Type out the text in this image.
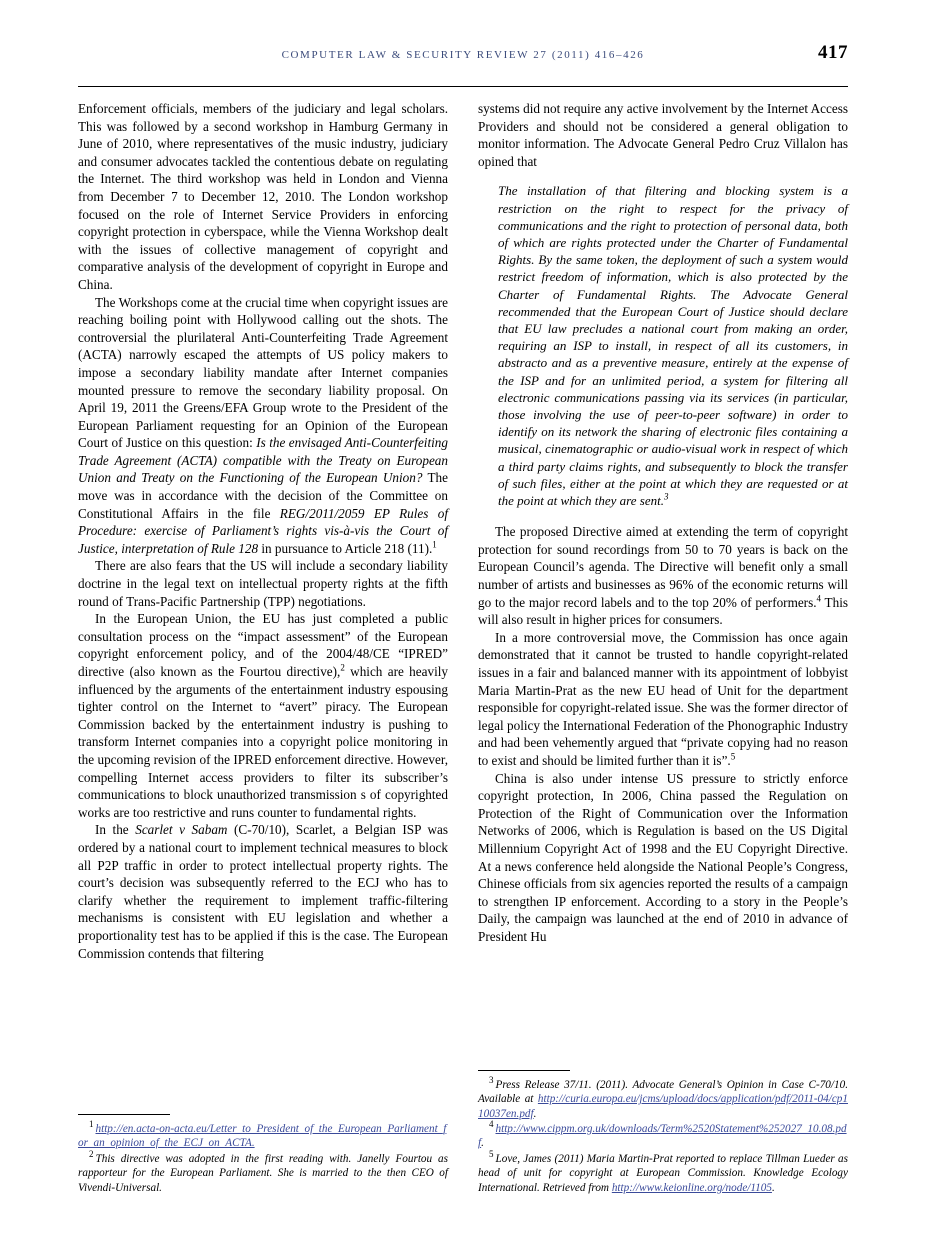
COMPUTER LAW & SECURITY REVIEW 27 (2011) 416–426	417

Enforcement officials, members of the judiciary and legal scholars. This was followed by a second workshop in Hamburg Germany in June of 2010, where representatives of the music industry, judiciary and consumer advocates tackled the contentious debate on regulating the Internet. The third workshop was held in London and Vienna from December 7 to December 12, 2010. The London workshop focused on the role of Internet Service Providers in enforcing copyright protection in cyberspace, while the Vienna Workshop dealt with the issues of collective management of copyright and comparative analysis of the development of copyright in Europe and China.

The Workshops come at the crucial time when copyright issues are reaching boiling point with Hollywood calling out the shots. The controversial the plurilateral Anti-Counterfeiting Trade Agreement (ACTA) narrowly escaped the attempts of US policy makers to impose a secondary liability mandate after Internet companies mounted pressure to remove the secondary liability proposal. On April 19, 2011 the Greens/EFA Group wrote to the President of the European Parliament requesting for an Opinion of the European Court of Justice on this question: Is the envisaged Anti-Counterfeiting Trade Agreement (ACTA) compatible with the Treaty on European Union and Treaty on the Functioning of the European Union? The move was in accordance with the decision of the Committee on Constitutional Affairs in the file REG/2011/2059 EP Rules of Procedure: exercise of Parliament’s rights vis-à-vis the Court of Justice, interpretation of Rule 128 in pursuance to Article 218 (11).$^1$

There are also fears that the US will include a secondary liability doctrine in the legal text on intellectual property rights at the fifth round of Trans-Pacific Partnership (TPP) negotiations.

In the European Union, the EU has just completed a public consultation process on the “impact assessment” of the European copyright enforcement policy, and of the 2004/48/CE “IPRED” directive (also known as the Fourtou directive),$^2$ which are heavily influenced by the arguments of the entertainment industry espousing tighter control on the Internet to “avert” piracy. The European Commission backed by the entertainment industry is pushing to transform Internet companies into a copyright police monitoring in the upcoming revision of the IPRED enforcement directive. However, compelling Internet access providers to filter its subscriber’s communications to block unauthorized transmission s of copyrighted works are too restrictive and runs counter to fundamental rights.

In the Scarlet v Sabam (C-70/10), Scarlet, a Belgian ISP was ordered by a national court to implement technical measures to block all P2P traffic in order to protect intellectual property rights. The court’s decision was subsequently referred to the ECJ who has to clarify whether the requirement to implement traffic-filtering mechanisms is consistent with EU legislation and whether a proportionality test has to be applied if this is the case. The European Commission contends that filtering

systems did not require any active involvement by the Internet Access Providers and should not be considered a general obligation to monitor information. The Advocate General Pedro Cruz Villalon has opined that

The installation of that filtering and blocking system is a restriction on the right to respect for the privacy of communications and the right to protection of personal data, both of which are rights protected under the Charter of Fundamental Rights. By the same token, the deployment of such a system would restrict freedom of information, which is also protected by the Charter of Fundamental Rights. The Advocate General recommended that the European Court of Justice should declare that EU law precludes a national court from making an order, requiring an ISP to install, in respect of all its customers, in abstracto and as a preventive measure, entirely at the expense of the ISP and for an unlimited period, a system for filtering all electronic communications passing via its services (in particular, those involving the use of peer-to-peer software) in order to identify on its network the sharing of electronic files containing a musical, cinematographic or audio-visual work in respect of which a third party claims rights, and subsequently to block the transfer of such files, either at the point at which they are requested or at the point at which they are sent.$^3$

The proposed Directive aimed at extending the term of copyright protection for sound recordings from 50 to 70 years is back on the European Council’s agenda. The Directive will benefit only a small number of artists and businesses as 96% of the economic returns will go to the major record labels and to the top 20% of performers.$^4$ This will also result in higher prices for consumers.

In a more controversial move, the Commission has once again demonstrated that it cannot be trusted to handle copyright-related issues in a fair and balanced manner with its appointment of lobbyist Maria Martin-Prat as the new EU head of Unit for the department responsible for copyright-related issue. She was the former director of legal policy the International Federation of the Phonographic Industry and had been vehemently argued that “private copying had no reason to exist and should be limited further than it is”.$^5$

China is also under intense US pressure to strictly enforce copyright protection, In 2006, China passed the Regulation on Protection of the Right of Communication over the Information Networks of 2006, which is Regulation is based on the US Digital Millennium Copyright Act of 1998 and the EU Copyright Directive. At a news conference held alongside the National People’s Congress, Chinese officials from six agencies reported the results of a campaign to strengthen IP enforcement. According to a story in the People’s Daily, the campaign was launched at the end of 2010 in advance of President Hu

$^1$ http://en.acta-on-acta.eu/Letter_to_President_of_the_European_Parliament_for_an_opinion_of_the_ECJ_on_ACTA.

$^2$ This directive was adopted in the first reading with. Janelly Fourtou as rapporteur for the European Parliament. She is married to the then CEO of Vivendi-Universal.

$^3$ Press Release 37/11. (2011). Advocate General’s Opinion in Case C-70/10. Available at http://curia.europa.eu/jcms/upload/docs/application/pdf/2011-04/cp110037en.pdf.

$^4$ http://www.cippm.org.uk/downloads/Term%2520Statement%252027_10.08.pdf.

$^5$ Love, James (2011) Maria Martin-Prat reported to replace Tillman Lueder as head of unit for copyright at European Commission. Knowledge Ecology International. Retrieved from http://www.keionline.org/node/1105.
